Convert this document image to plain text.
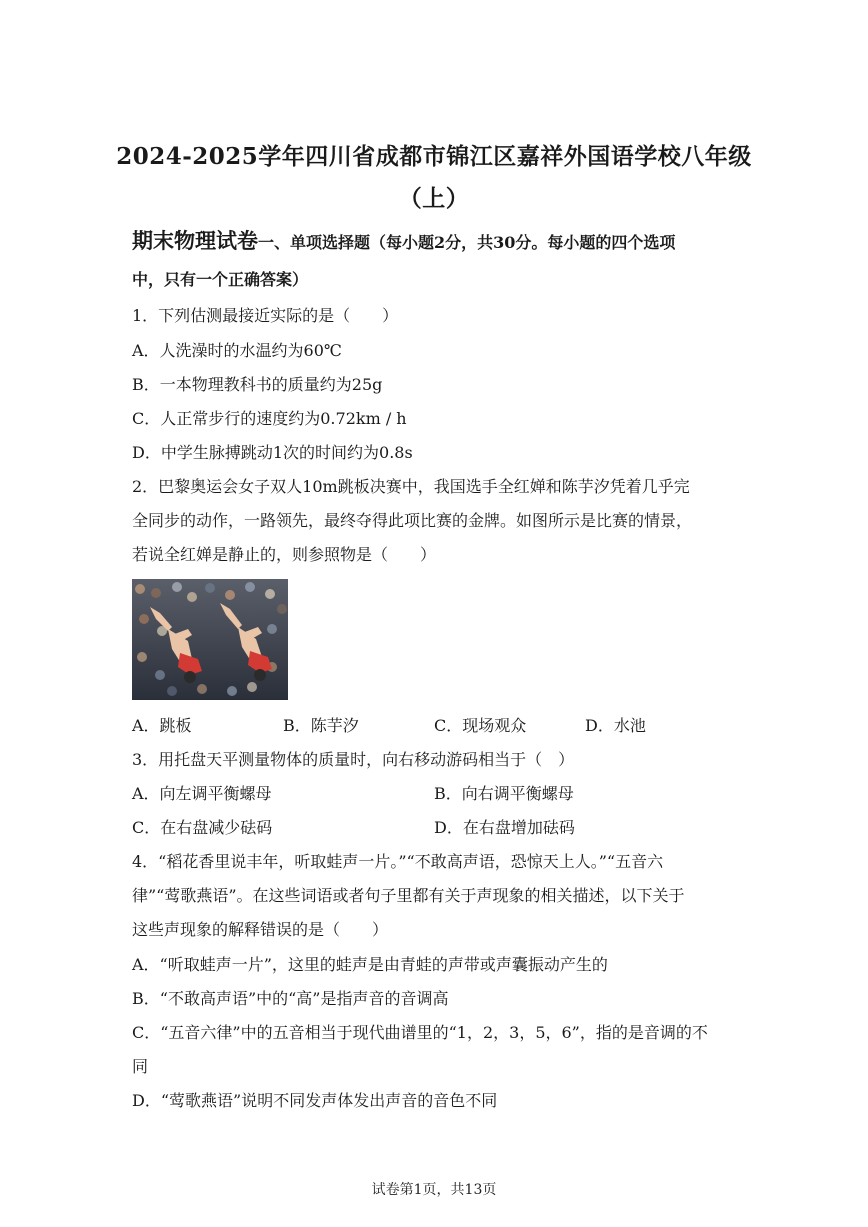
2024-2025学年四川省成都市锦江区嘉祥外国语学校八年级
（上）
期末物理试卷一、单项选择题（每小题2分，共30分。每小题的四个选项
中，只有一个正确答案）
1．下列估测最接近实际的是（　　）
A．人洗澡时的水温约为60℃
B．一本物理教科书的质量约为25g
C．人正常步行的速度约为0.72km / h
D．中学生脉搏跳动1次的时间约为0.8s
2．巴黎奥运会女子双人10m跳板决赛中，我国选手全红婵和陈芋汐凭着几乎完
全同步的动作，一路领先，最终夺得此项比赛的金牌。如图所示是比赛的情景，
若说全红婵是静止的，则参照物是（　　）
A．跳板	B．陈芋汐	C．现场观众	D．水池
3．用托盘天平测量物体的质量时，向右移动游码相当于（　）
A．向左调平衡螺母	B．向右调平衡螺母
C．在右盘减少砝码	D．在右盘增加砝码
4．“稻花香里说丰年，听取蛙声一片。”“不敢高声语，恐惊天上人。”“五音六
律”“莺歌燕语”。在这些词语或者句子里都有关于声现象的相关描述，以下关于
这些声现象的解释错误的是（　　）
A．“听取蛙声一片”，这里的蛙声是由青蛙的声带或声囊振动产生的
B．“不敢高声语”中的“高”是指声音的音调高
C．“五音六律”中的五音相当于现代曲谱里的“1，2，3，5，6”，指的是音调的不
同
D．“莺歌燕语”说明不同发声体发出声音的音色不同
试卷第1页，共13页
